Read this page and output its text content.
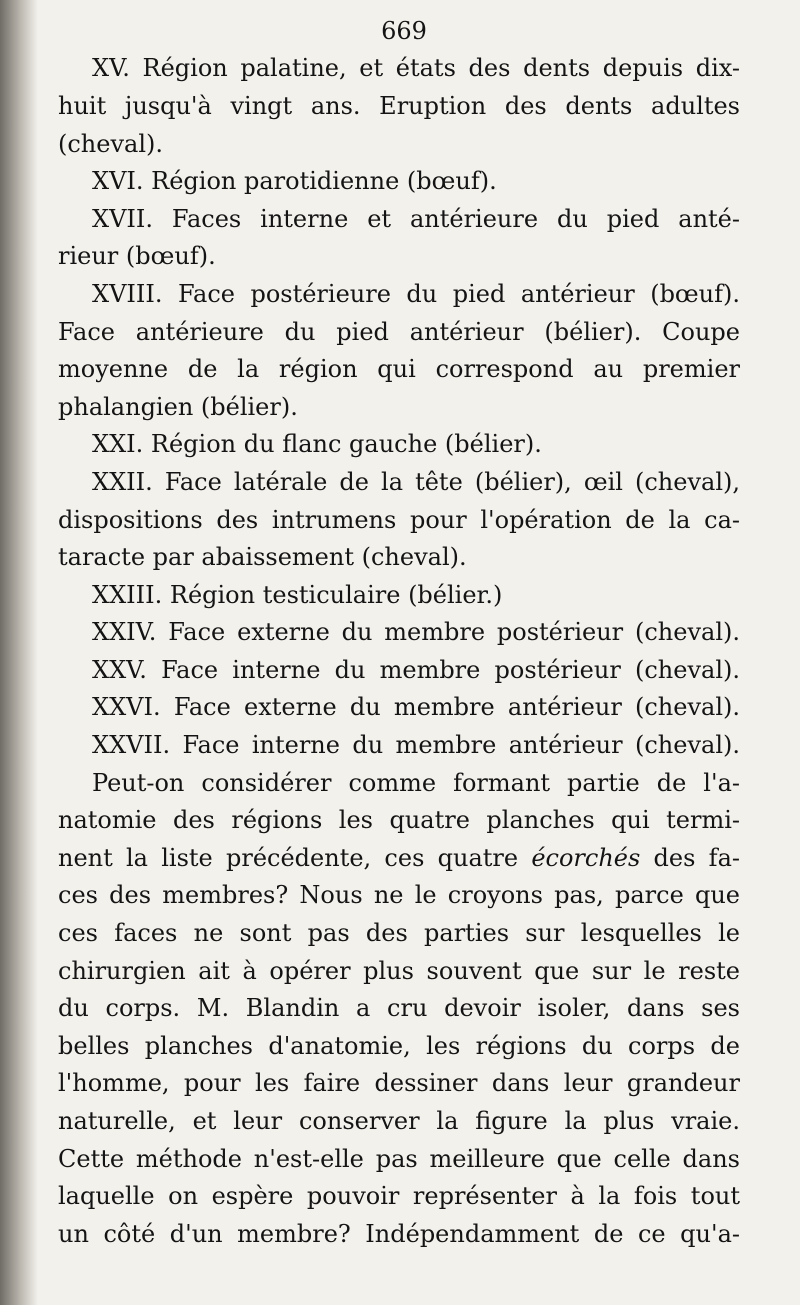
669
XV. Région palatine, et états des dents depuis dix-
huit jusqu'à vingt ans. Eruption des dents adultes
(cheval).
XVI. Région parotidienne (bœuf).
XVII. Faces interne et antérieure du pied anté-
rieur (bœuf).
XVIII. Face postérieure du pied antérieur (bœuf).
Face antérieure du pied antérieur (bélier). Coupe
moyenne de la région qui correspond au premier
phalangien (bélier).
XXI. Région du flanc gauche (bélier).
XXII. Face latérale de la tête (bélier), œil (cheval),
dispositions des intrumens pour l'opération de la ca-
taracte par abaissement (cheval).
XXIII. Région testiculaire (bélier.)
XXIV. Face externe du membre postérieur (cheval).
XXV. Face interne du membre postérieur (cheval).
XXVI. Face externe du membre antérieur (cheval).
XXVII. Face interne du membre antérieur (cheval).
Peut-on considérer comme formant partie de l'a-
natomie des régions les quatre planches qui termi-
nent la liste précédente, ces quatre écorchés des fa-
ces des membres? Nous ne le croyons pas, parce que
ces faces ne sont pas des parties sur lesquelles le
chirurgien ait à opérer plus souvent que sur le reste
du corps. M. Blandin a cru devoir isoler, dans ses
belles planches d'anatomie, les régions du corps de
l'homme, pour les faire dessiner dans leur grandeur
naturelle, et leur conserver la figure la plus vraie.
Cette méthode n'est-elle pas meilleure que celle dans
laquelle on espère pouvoir représenter à la fois tout
un côté d'un membre? Indépendamment de ce qu'a-
